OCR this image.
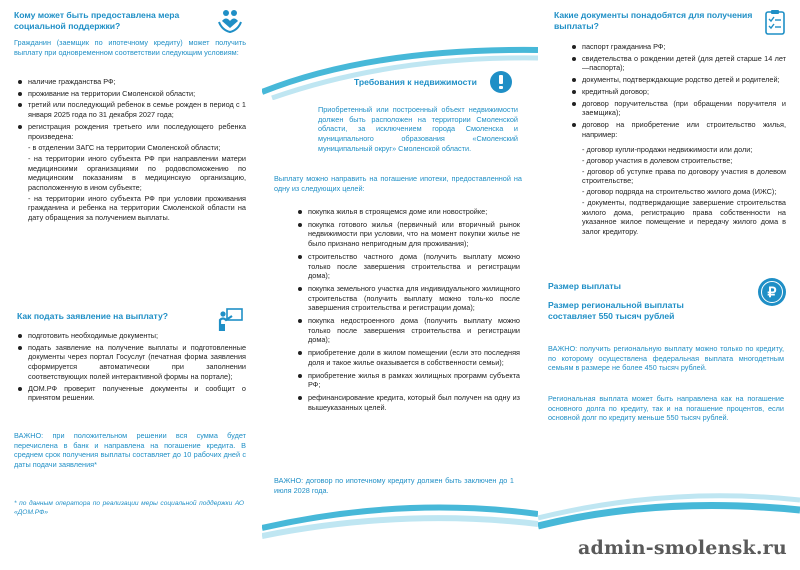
Кому может быть предоставлена мера социальной поддержки?
Гражданин (заемщик по ипотечному кредиту) может получить выплату при одновременном соответствии следующим условиям:
наличие гражданства РФ;
проживание на территории Смоленской области;
третий или последующий ребенок в семье рожден в период с 1 января 2025 года по 31 декабря 2027 года;
регистрация рождения третьего или последующего ребенка произведена:
- в отделении ЗАГС на территории Смоленской области;
- на территории иного субъекта РФ при направлении матери медицинскими организациями по родовспоможению по медицинским показаниям в медицинскую организацию, расположенную в ином субъекте;
- на территории иного субъекта РФ при условии проживания гражданина и ребенка на территории Смоленской области на дату обращения за получением выплаты.
Как подать заявление на выплату?
подготовить необходимые документы;
подать заявление на получение выплаты и подготовленные документы через портал Госуслуг (печатная форма заявления сформируется автоматически при заполнении соответствующих полей интерактивной формы на портале);
ДОМ.РФ проверит полученные документы и сообщит о принятом решении.
ВАЖНО: при положительном решении вся сумма будет перечислена в банк и направлена на погашение кредита. В среднем срок получения выплаты составляет до 10 рабочих дней с даты подачи заявления*
* по данным оператора по реализации меры социальной поддержки АО «ДОМ.РФ»
Требования к недвижимости
Приобретенный или построенный объект недвижимости должен быть расположен на территории Смоленской области, за исключением города Смоленска и муниципального образования «Смоленский муниципальный округ» Смоленской области.
Выплату можно направить на погашение ипотеки, предоставленной на одну из следующих целей:
покупка жилья в строящемся доме или новостройке;
покупка готового жилья (первичный или вторичный рынок недвижимости при условии, что на момент покупки жилье не было признано непригодным для проживания);
строительство частного дома (получить выплату можно только после завершения строительства и регистрации дома);
покупка земельного участка для индивидуального жилищного строительства (получить выплату можно толь-ко после завершения строительства и регистрации дома);
покупка недостроенного дома (получить выплату можно только после завершения строительства и регистрации дома);
приобретение доли в жилом помещении (если это последняя доля и такое жилье оказывается в собственности семьи);
приобретение жилья в рамках жилищных программ субъекта РФ;
рефинансирование кредита, который был получен на одну из вышеуказанных целей.
ВАЖНО: договор по ипотечному кредиту должен быть заключен до 1 июля 2028 года.
Какие документы понадобятся для получения выплаты?
паспорт гражданина РФ;
свидетельства о рождении детей (для детей старше 14 лет —паспорта);
документы, подтверждающие родство детей и родителей;
кредитный договор;
договор поручительства (при обращении поручителя и заемщика);
договор на приобретение или строительство жилья, например:
- договор купли-продажи недвижимости или доли;
- договор участия в долевом строительстве;
- договор об уступке права по договору участия в долевом строительстве;
- договор подряда на строительство жилого дома (ИЖС);
- документы, подтверждающие завершение строительства жилого дома, регистрацию права собственности на указанное жилое помещение и передачу жилого дома в залог кредитору.
Размер выплаты	₽
Размер региональной выплаты составляет 550 тысяч рублей
ВАЖНО: получить региональную выплату можно только по кредиту, по которому осуществлена федеральная выплата многодетным семьям в размере не более 450 тысяч рублей.
Региональная выплата может быть направлена как на погашение основного долга по кредиту, так и на погашение процентов, если основной долг по кредиту меньше 550 тысяч рублей.
admin-smolensk.ru
